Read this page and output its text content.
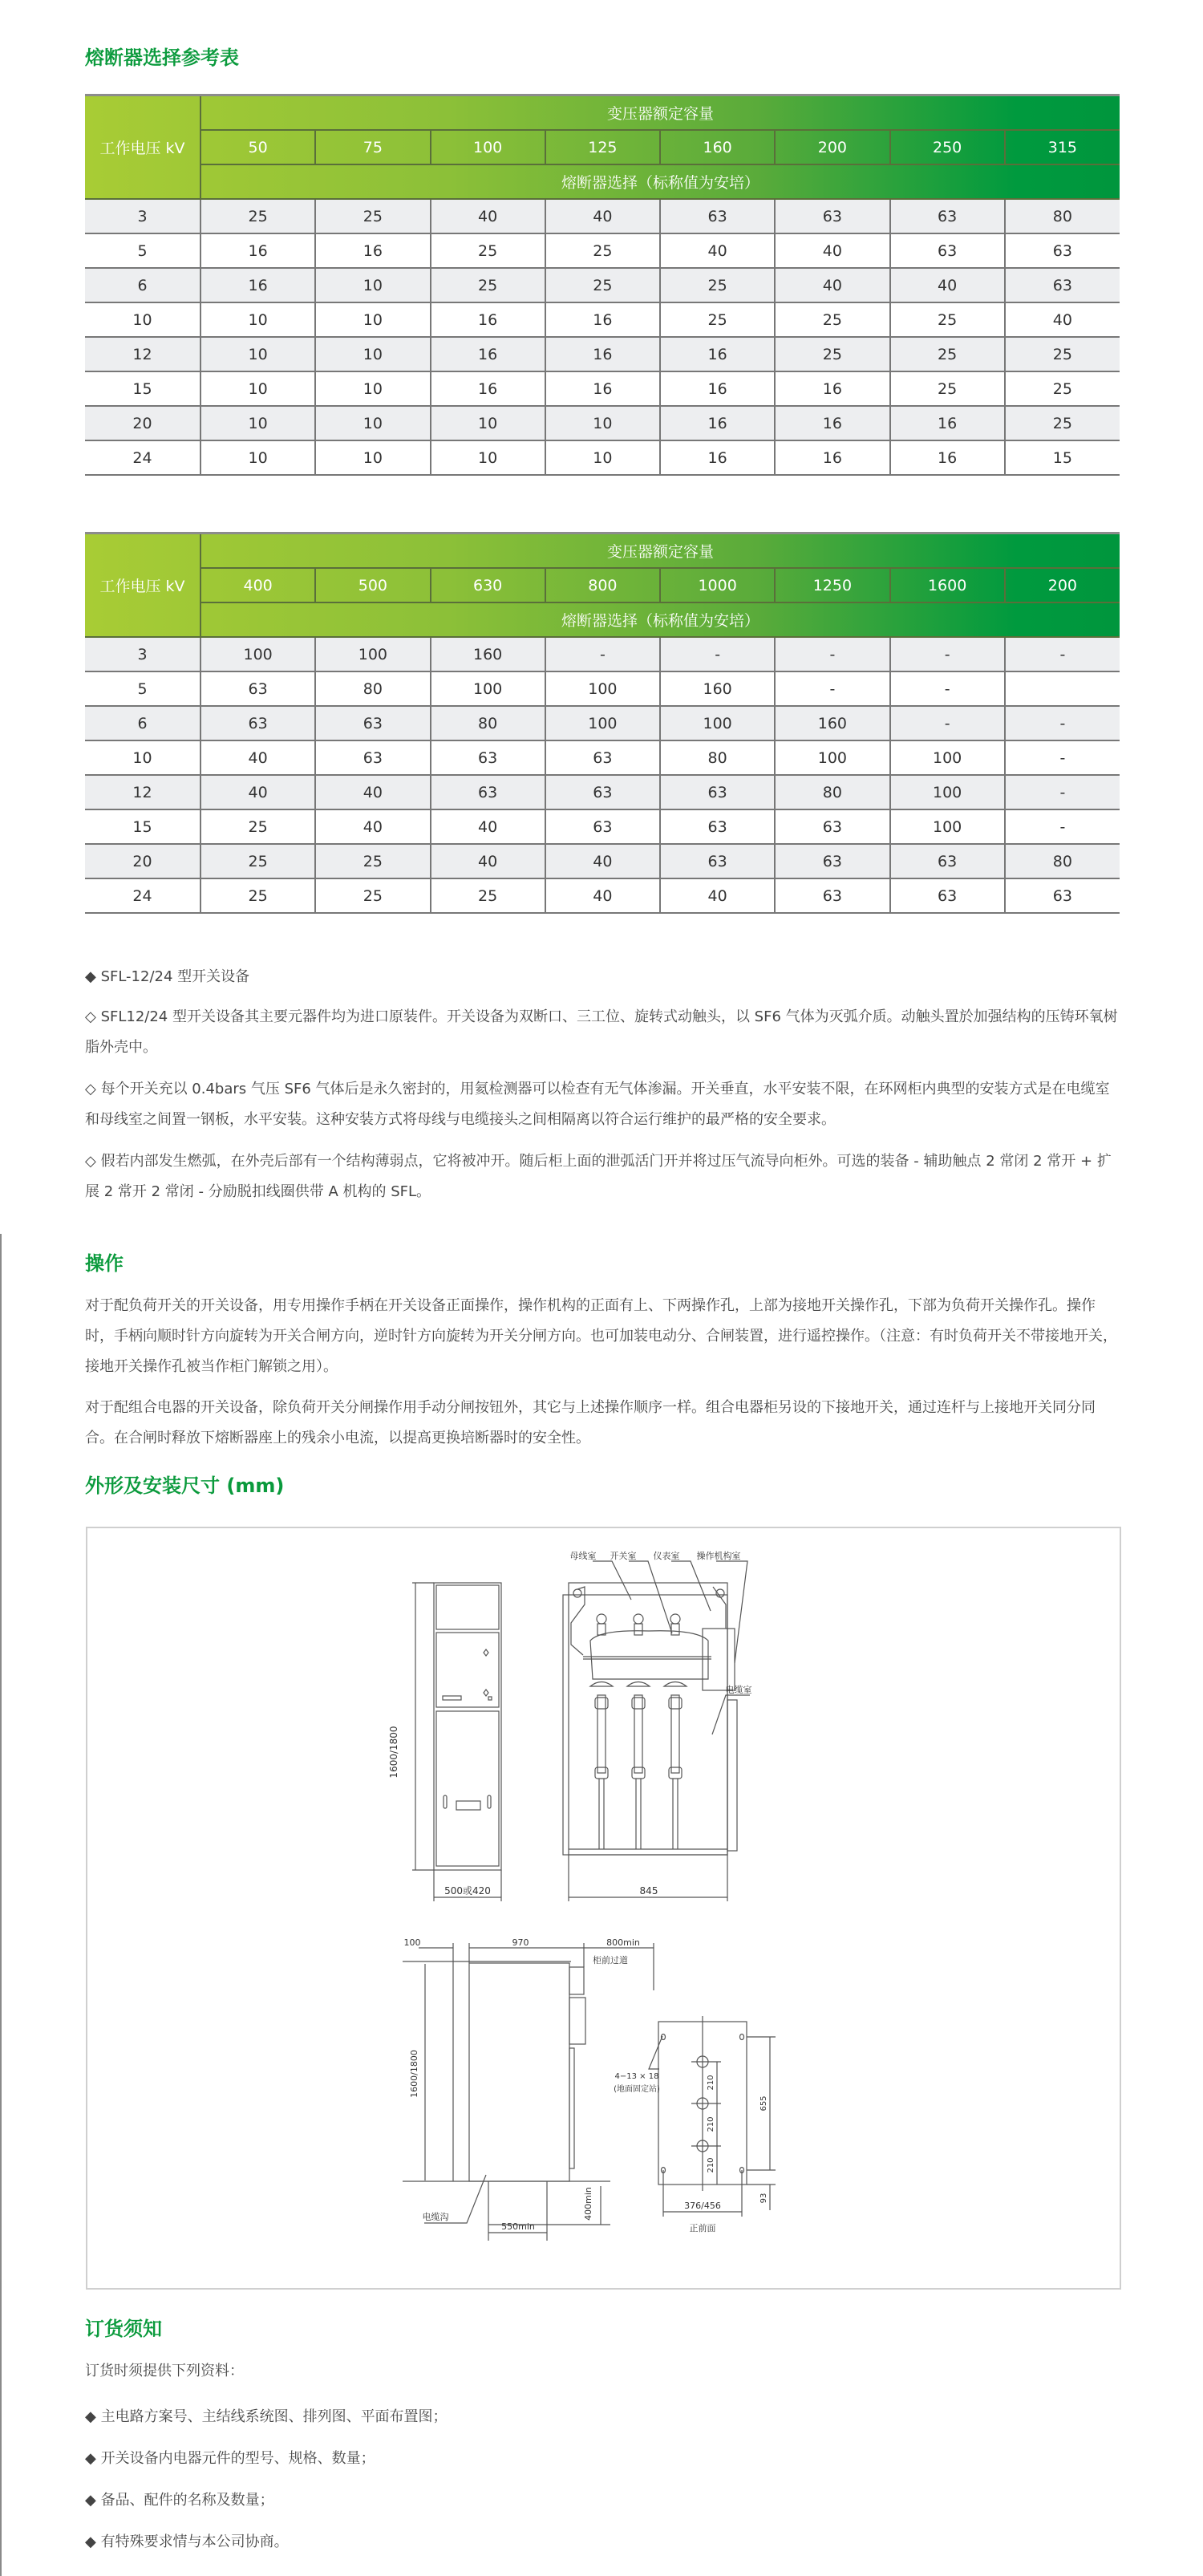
熔断器选择参考表
工作电压 kV	变压器额定容量							
	50	75	100	125	160	200	250	315
	熔断器选择（标称值为安培）							
3	25	25	40	40	63	63	63	80
5	16	16	25	25	40	40	63	63
6	16	10	25	25	25	40	40	63
10	10	10	16	16	25	25	25	40
12	10	10	16	16	16	25	25	25
15	10	10	16	16	16	16	25	25
20	10	10	10	10	16	16	16	25
24	10	10	10	10	16	16	16	15
工作电压 kV	变压器额定容量							
	400	500	630	800	1000	1250	1600	200
	熔断器选择（标称值为安培）							
3	100	100	160	-	-	-	-	-
5	63	80	100	100	160	-	-	
6	63	63	80	100	100	160	-	-
10	40	63	63	63	80	100	100	-
12	40	40	63	63	63	80	100	-
15	25	40	40	63	63	63	100	-
20	25	25	40	40	63	63	63	80
24	25	25	25	40	40	63	63	63

◆ SFL-12/24 型开关设备

◇ SFL12/24 型开关设备其主要元器件均为进口原装件。开关设备为双断口、三工位、旋转式动触头，以 SF6 气体为灭弧介质。动触头置於加强结构的压铸环氧树脂外壳中。

◇ 每个开关充以 0.4bars 气压 SF6 气体后是永久密封的，用氦检测器可以检查有无气体渗漏。开关垂直，水平安装不限，在环网柜内典型的安装方式是在电缆室和母线室之间置一钢板，水平安装。这种安装方式将母线与电缆接头之间相隔离以符合运行维护的最严格的安全要求。

◇ 假若内部发生燃弧，在外壳后部有一个结构薄弱点，它将被冲开。随后柜上面的泄弧活门开并将过压气流导向柜外。可选的装备 - 辅助触点 2 常闭 2 常开 + 扩展 2 常开 2 常闭 - 分励脱扣线圈供带 A 机构的 SFL。

操作

对于配负荷开关的开关设备，用专用操作手柄在开关设备正面操作，操作机构的正面有上、下两操作孔，上部为接地开关操作孔，下部为负荷开关操作孔。操作时，手柄向顺时针方向旋转为开关合闸方向，逆时针方向旋转为开关分闸方向。也可加装电动分、合闸装置，进行遥控操作。（注意：有时负荷开关不带接地开关，接地开关操作孔被当作柜门解锁之用）。

对于配组合电器的开关设备，除负荷开关分闸操作用手动分闸按钮外，其它与上述操作顺序一样。组合电器柜另设的下接地开关，通过连杆与上接地开关同分同合。在合闸时释放下熔断器座上的残余小电流，以提高更换培断器时的安全性。

外形及安装尺寸 (mm)
1600/1800
500或420	845
母线室 开关室 仪表室 操作机构室
电缆室
100	970	800min
柜前过道
1600/1800
400min
550min
电缆沟
4−13 × 18
(地面固定站)	210
210
210
655
93
376/456
正前面
订货须知

订货时须提供下列资料：

◆ 主电路方案号、主结线系统图、排列图、平面布置图；
◆ 开关设备内电器元件的型号、规格、数量；
◆ 备品、配件的名称及数量；
◆ 有特殊要求情与本公司协商。
